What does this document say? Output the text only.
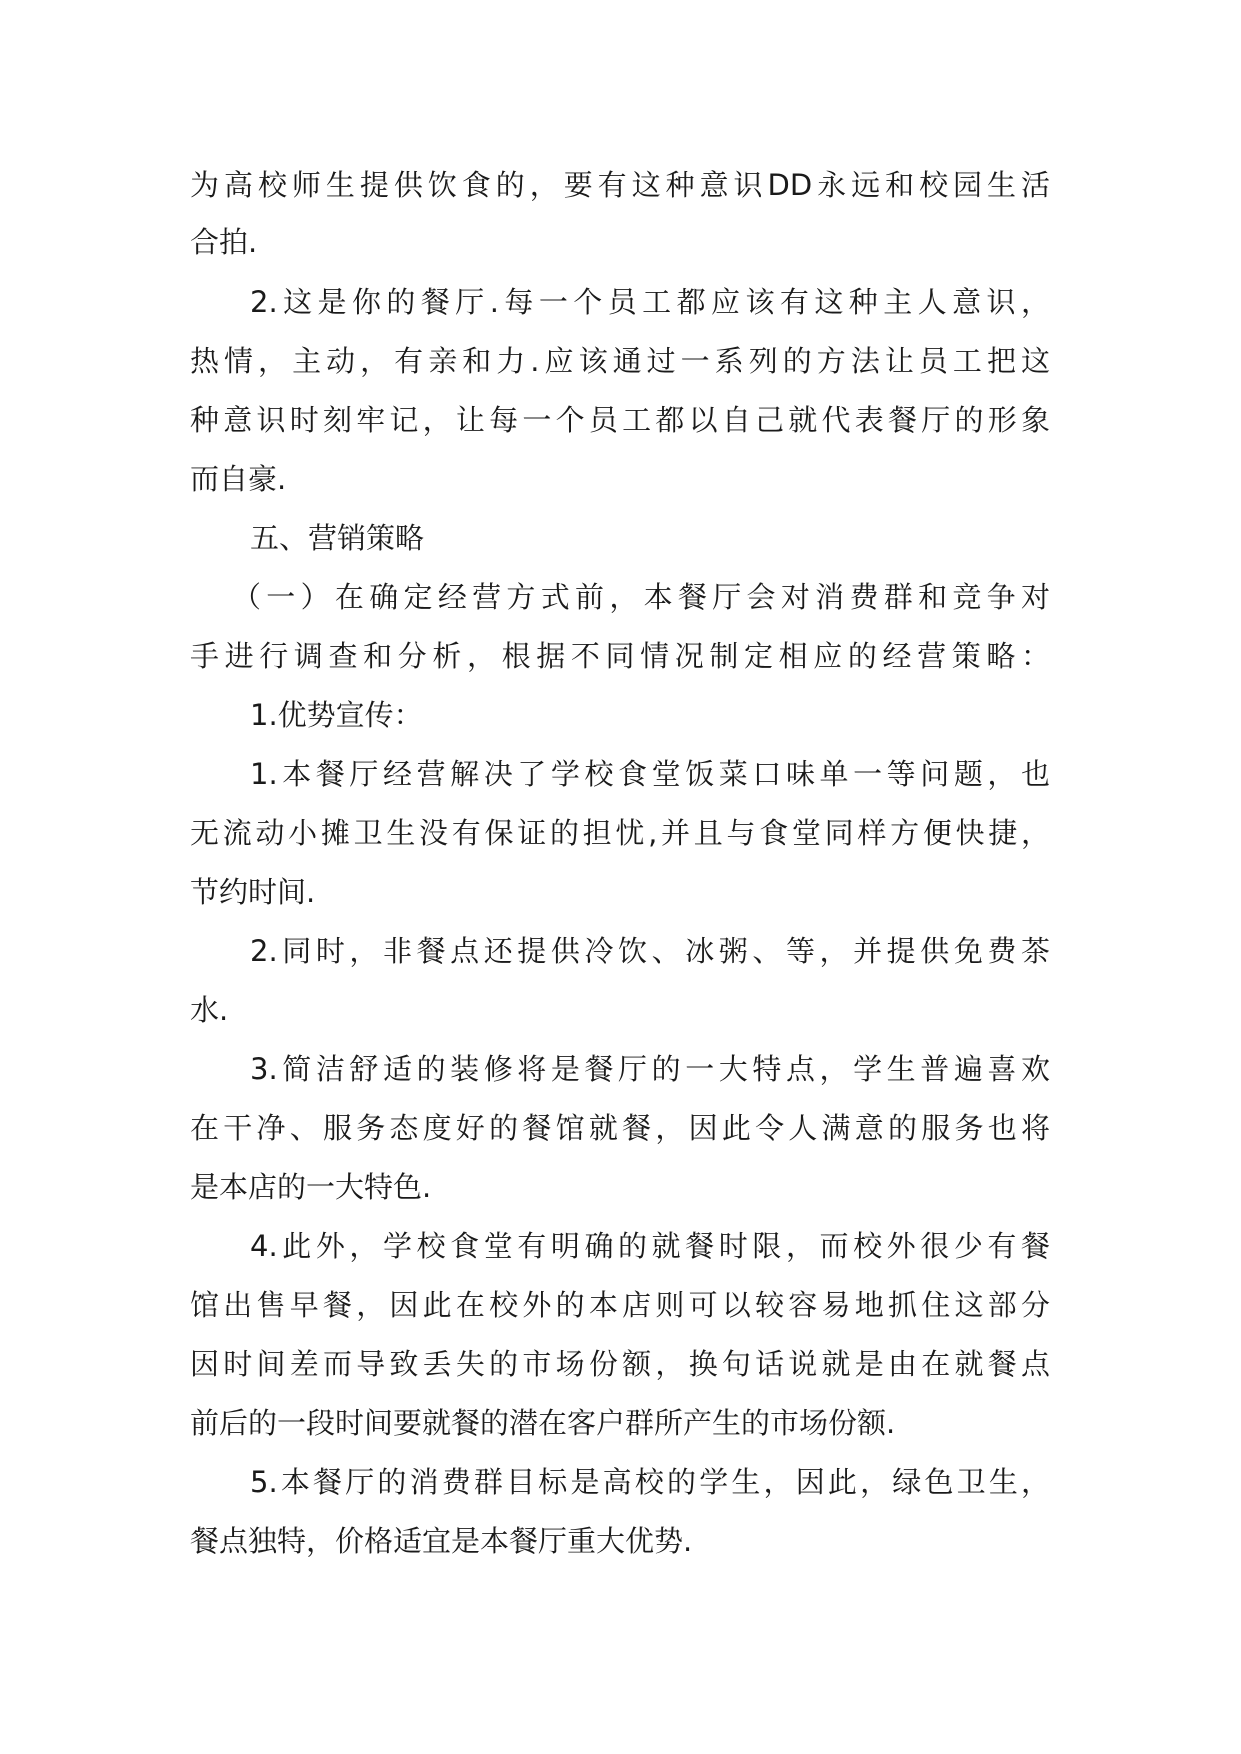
为高校师生提供饮食的，要有这种意识DD永远和校园生活
合拍.
2.这是你的餐厅.每一个员工都应该有这种主人意识，
热情，主动，有亲和力.应该通过一系列的方法让员工把这
种意识时刻牢记，让每一个员工都以自己就代表餐厅的形象
而自豪.
五、营销策略
（一）在确定经营方式前，本餐厅会对消费群和竞争对
手进行调查和分析，根据不同情况制定相应的经营策略：
1.优势宣传：
1.本餐厅经营解决了学校食堂饭菜口味单一等问题，也
无流动小摊卫生没有保证的担忧,并且与食堂同样方便快捷，
节约时间.
2.同时，非餐点还提供冷饮、冰粥、等，并提供免费茶
水.
3.简洁舒适的装修将是餐厅的一大特点，学生普遍喜欢
在干净、服务态度好的餐馆就餐，因此令人满意的服务也将
是本店的一大特色.
4.此外，学校食堂有明确的就餐时限，而校外很少有餐
馆出售早餐，因此在校外的本店则可以较容易地抓住这部分
因时间差而导致丢失的市场份额，换句话说就是由在就餐点
前后的一段时间要就餐的潜在客户群所产生的市场份额.
5.本餐厅的消费群目标是高校的学生，因此，绿色卫生，
餐点独特，价格适宜是本餐厅重大优势.
